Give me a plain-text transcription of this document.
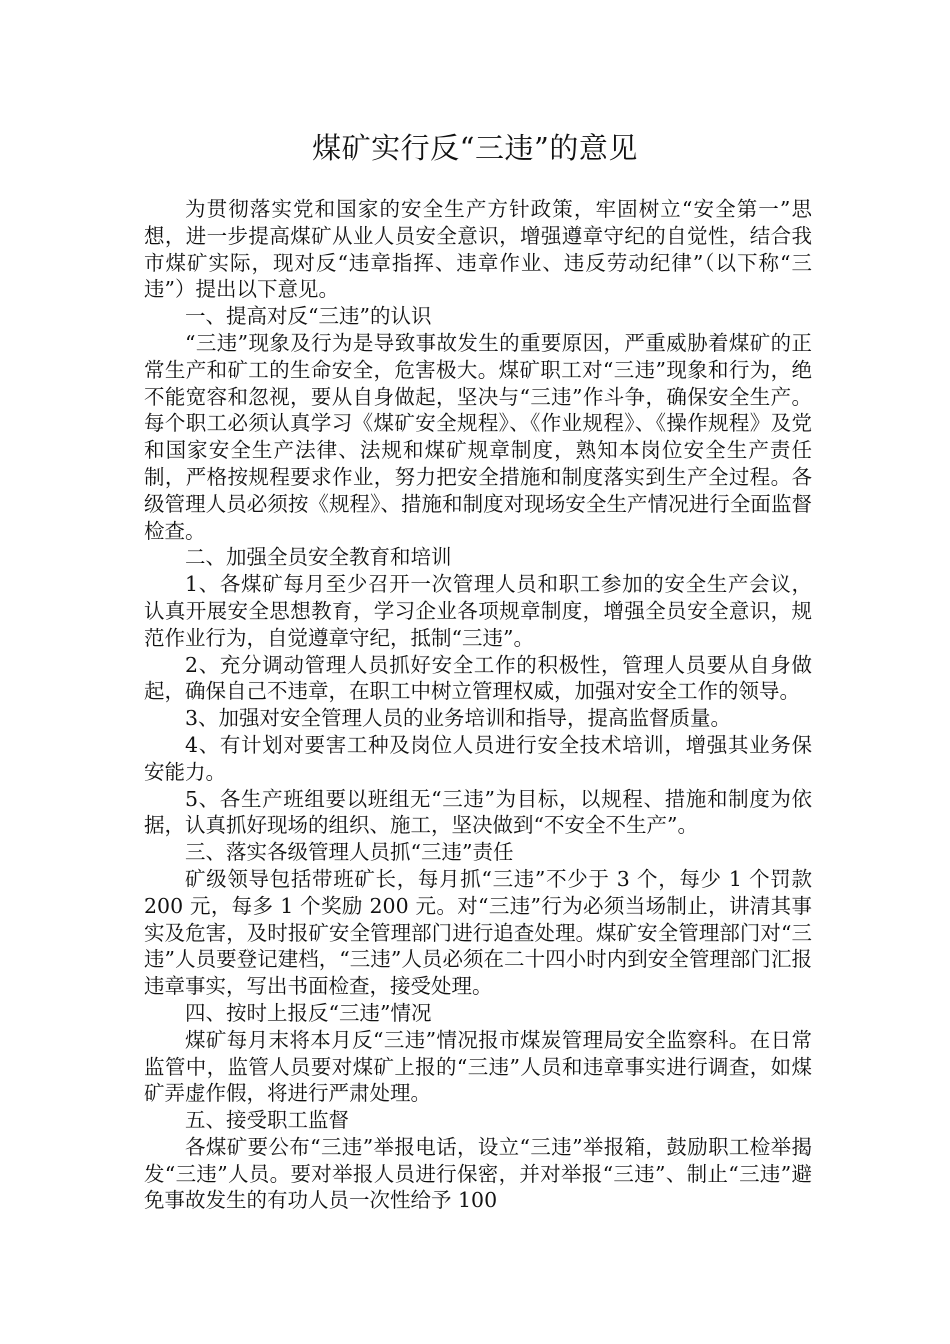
煤矿实行反“三违”的意见

为贯彻落实党和国家的安全生产方针政策，牢固树立“安全第一”思想，进一步提高煤矿从业人员安全意识，增强遵章守纪的自觉性，结合我市煤矿实际，现对反“违章指挥、违章作业、违反劳动纪律”（以下称“三违”）提出以下意见。

一、提高对反“三违”的认识

“三违”现象及行为是导致事故发生的重要原因，严重威胁着煤矿的正常生产和矿工的生命安全，危害极大。煤矿职工对“三违”现象和行为，绝不能宽容和忽视，要从自身做起，坚决与“三违”作斗争，确保安全生产。每个职工必须认真学习《煤矿安全规程》、《作业规程》、《操作规程》及党和国家安全生产法律、法规和煤矿规章制度，熟知本岗位安全生产责任制，严格按规程要求作业，努力把安全措施和制度落实到生产全过程。各级管理人员必须按《规程》、措施和制度对现场安全生产情况进行全面监督检查。

二、加强全员安全教育和培训

1、各煤矿每月至少召开一次管理人员和职工参加的安全生产会议，认真开展安全思想教育，学习企业各项规章制度，增强全员安全意识，规范作业行为，自觉遵章守纪，抵制“三违”。

2、充分调动管理人员抓好安全工作的积极性，管理人员要从自身做起，确保自己不违章，在职工中树立管理权威，加强对安全工作的领导。

3、加强对安全管理人员的业务培训和指导，提高监督质量。

4、有计划对要害工种及岗位人员进行安全技术培训，增强其业务保安能力。

5、各生产班组要以班组无“三违”为目标，以规程、措施和制度为依据，认真抓好现场的组织、施工，坚决做到“不安全不生产”。

三、落实各级管理人员抓“三违”责任

矿级领导包括带班矿长，每月抓“三违”不少于 3 个，每少 1 个罚款 200 元，每多 1 个奖励 200 元。对“三违”行为必须当场制止，讲清其事实及危害，及时报矿安全管理部门进行追查处理。煤矿安全管理部门对“三违”人员要登记建档，“三违”人员必须在二十四小时内到安全管理部门汇报违章事实，写出书面检查，接受处理。

四、按时上报反“三违”情况

煤矿每月末将本月反“三违”情况报市煤炭管理局安全监察科。在日常监管中，监管人员要对煤矿上报的“三违”人员和违章事实进行调查，如煤矿弄虚作假，将进行严肃处理。

五、接受职工监督

各煤矿要公布“三违”举报电话，设立“三违”举报箱，鼓励职工检举揭发“三违”人员。要对举报人员进行保密，并对举报“三违”、制止“三违”避免事故发生的有功人员一次性给予 100
